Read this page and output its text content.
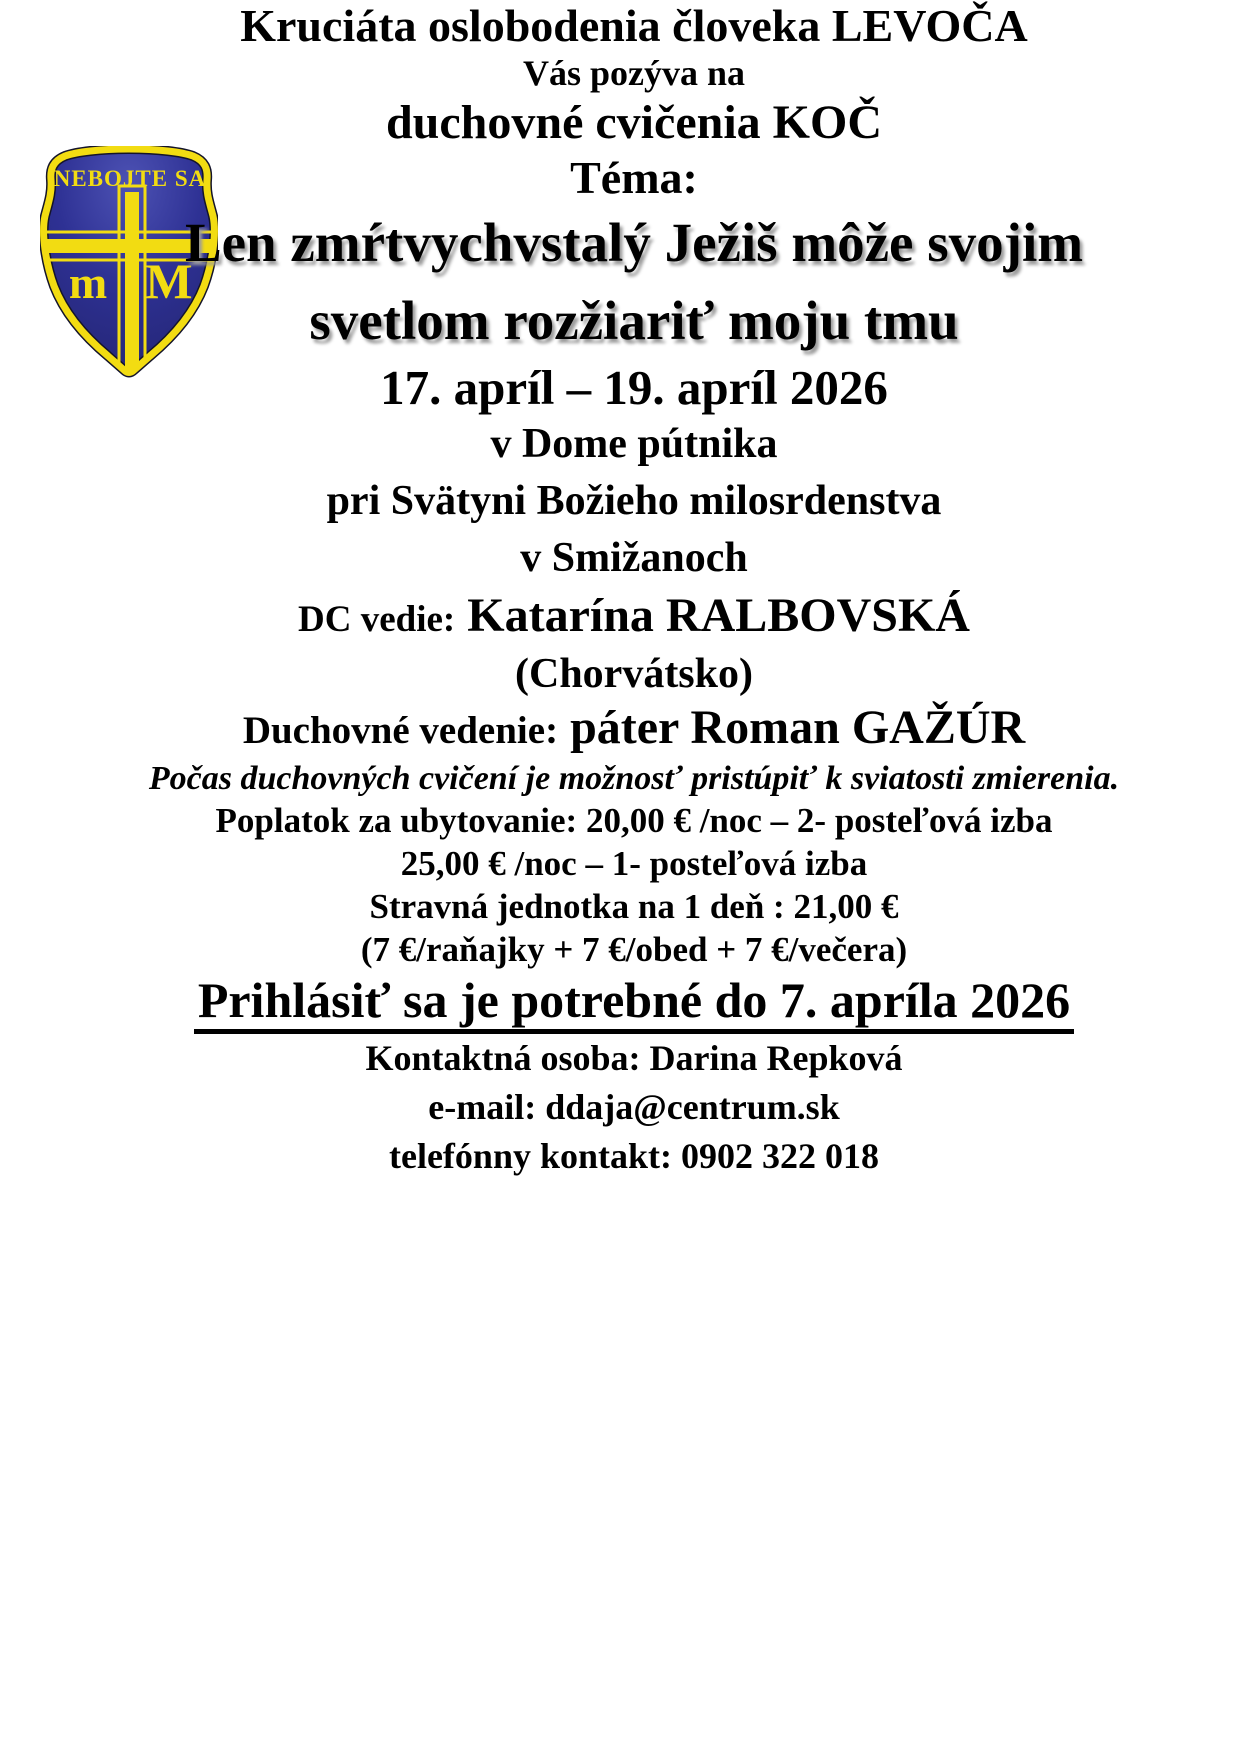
NEBOJTE SA
m M
Kruciáta oslobodenia človeka LEVOČA
Vás pozýva na
duchovné cvičenia KOČ
Téma:
Len zmŕtvychvstalý Ježiš môže svojim
svetlom rozžiariť moju tmu
17. apríl – 19. apríl 2026
v Dome pútnika
pri Svätyni Božieho milosrdenstva
v Smižanoch
DC vedie: Katarína RALBOVSKÁ
(Chorvátsko)
Duchovné vedenie: páter Roman GAŽÚR
Počas duchovných cvičení je možnosť pristúpiť k sviatosti zmierenia.
Poplatok za ubytovanie: 20,00 € /noc – 2- posteľová izba
25,00 € /noc – 1- posteľová izba
Stravná jednotka na 1 deň : 21,00 €
(7 €/raňajky + 7 €/obed + 7 €/večera)
Prihlásiť sa je potrebné do 7. apríla 2026
Kontaktná osoba: Darina Repková
e-mail: ddaja@centrum.sk
telefónny kontakt: 0902 322 018
